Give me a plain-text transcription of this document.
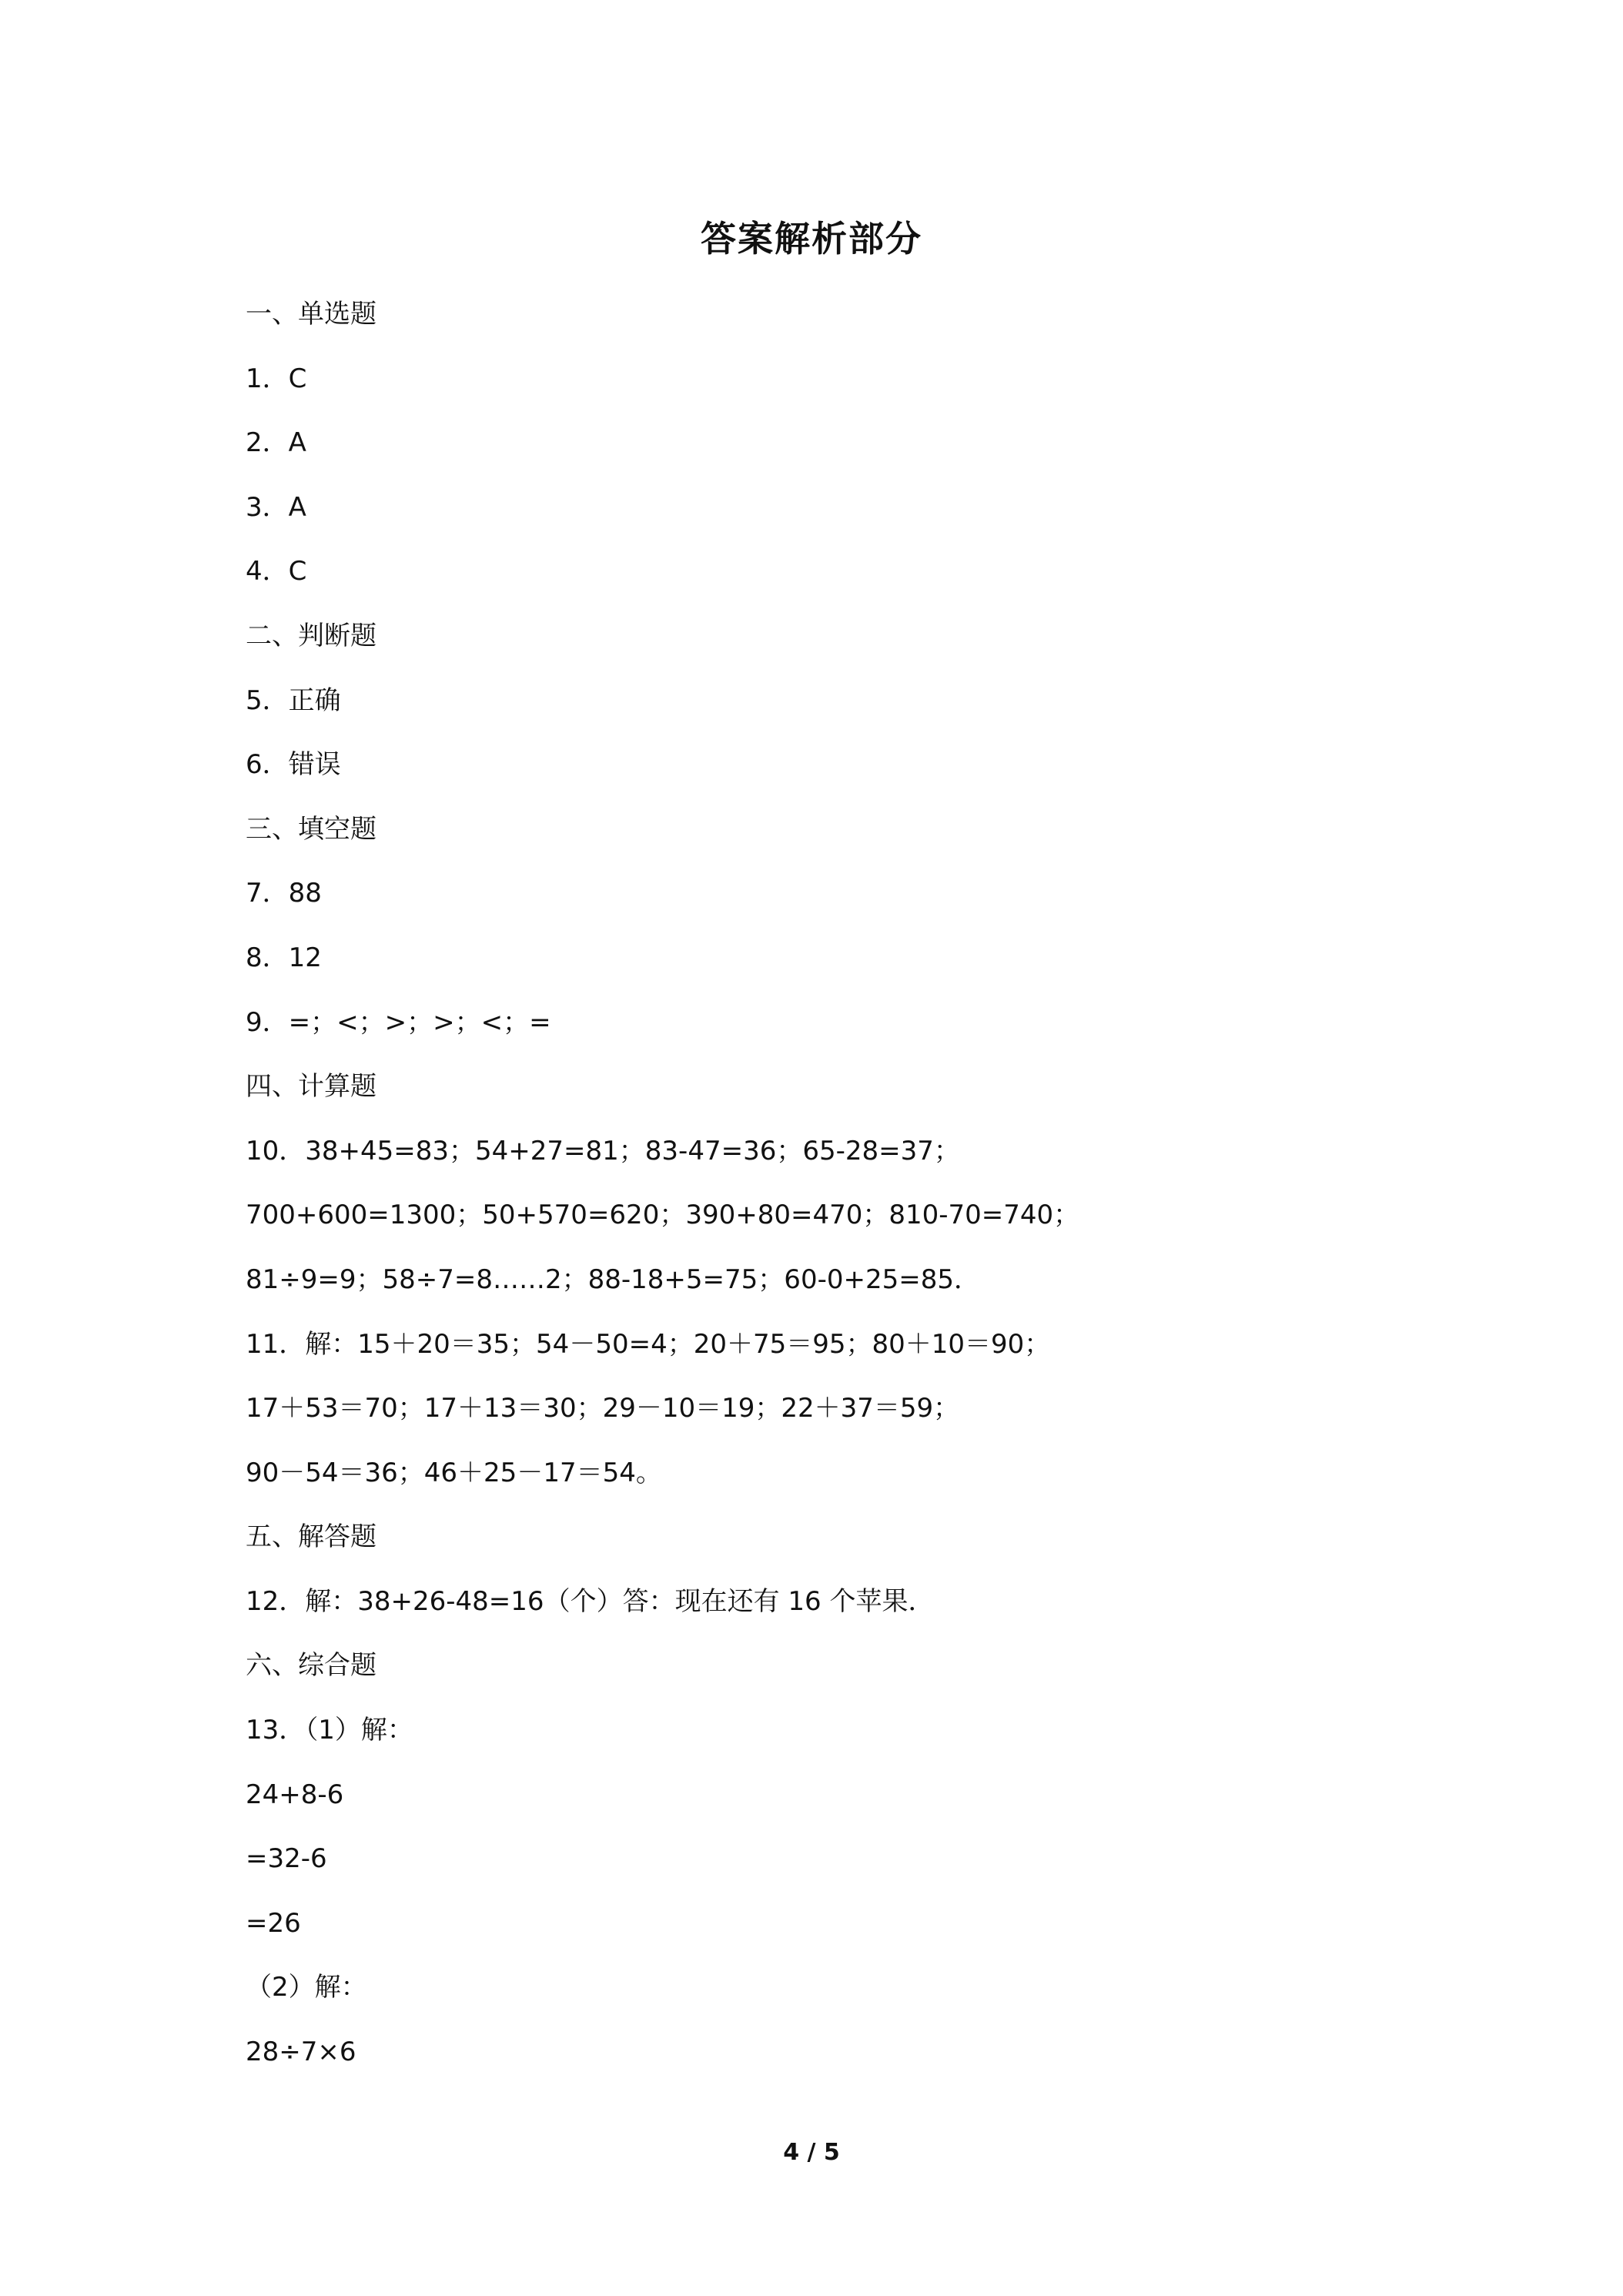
答案解析部分
一、单选题
1．C
2．A
3．A
4．C
二、判断题
5．正确
6．错误
三、填空题
7．88
8．12
9．=；<；>；>；<；=
四、计算题
10．38+45=83；54+27=81；83-47=36；65-28=37；
700+600=1300；50+570=620；390+80=470；810-70=740；
81÷9=9；58÷7=8……2；88-18+5=75；60-0+25=85．
11．解：15＋20＝35；54－50=4；20＋75＝95；80＋10＝90；
17＋53＝70；17＋13＝30；29－10＝19；22＋37＝59；
90－54＝36；46＋25－17＝54。
五、解答题
12．解：38+26-48=16（个）答：现在还有 16 个苹果．
六、综合题
13．（1）解：
24+8-6
=32-6
=26
（2）解：
28÷7×6
4 / 5
